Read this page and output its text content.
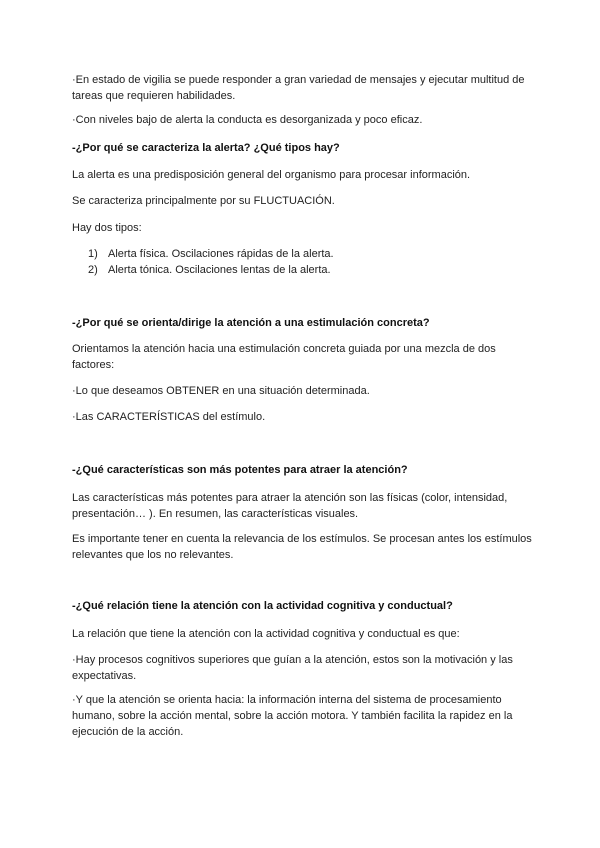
·En estado de vigilia se puede responder a gran variedad de mensajes y ejecutar multitud de tareas que requieren habilidades.

·Con niveles bajo de alerta la conducta es desorganizada y poco eficaz.

-¿Por qué se caracteriza la alerta? ¿Qué tipos hay?

La alerta es una predisposición general del organismo para procesar información.

Se caracteriza principalmente por su FLUCTUACIÓN.

Hay dos tipos:

1) Alerta física. Oscilaciones rápidas de la alerta.
2) Alerta tónica. Oscilaciones lentas de la alerta.

-¿Por qué se orienta/dirige la atención a una estimulación concreta?

Orientamos la atención hacia una estimulación concreta guiada por una mezcla de dos factores:

·Lo que deseamos OBTENER en una situación determinada.

·Las CARACTERÍSTICAS del estímulo.

-¿Qué características son más potentes para atraer la atención?

Las características más potentes para atraer la atención son las físicas (color, intensidad, presentación… ). En resumen, las características visuales.

Es importante tener en cuenta la relevancia de los estímulos. Se procesan antes los estímulos relevantes que los no relevantes.

-¿Qué relación tiene la atención con la actividad cognitiva y conductual?

La relación que tiene la atención con la actividad cognitiva y conductual es que:

·Hay procesos cognitivos superiores que guían a la atención, estos son la motivación y las expectativas.

·Y que la atención se orienta hacia: la información interna del sistema de procesamiento humano, sobre la acción mental, sobre la acción motora. Y también facilita la rapidez en la ejecución de la acción.
